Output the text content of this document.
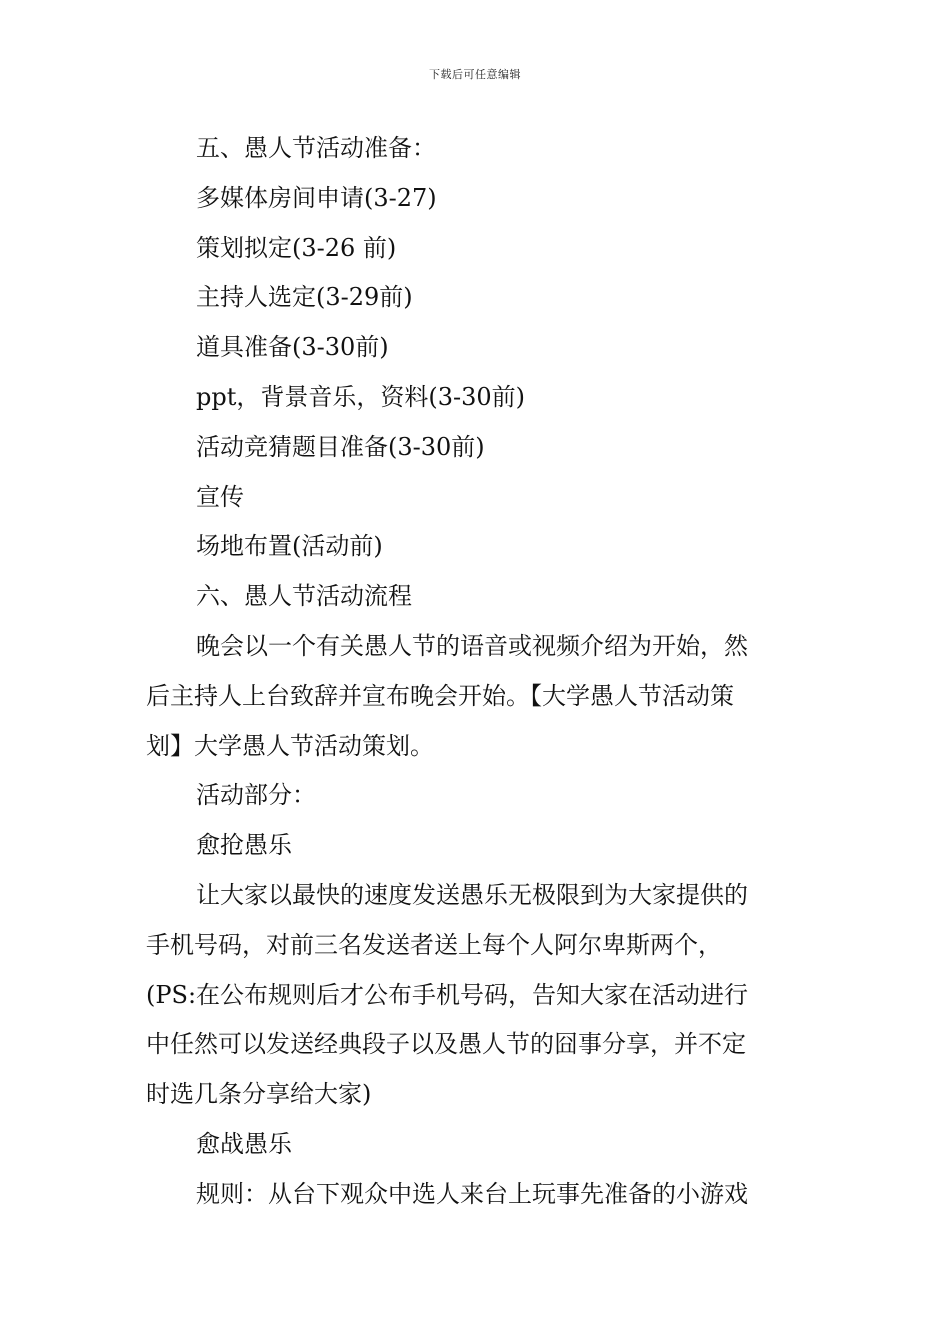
下载后可任意编辑

五、愚人节活动准备：

多媒体房间申请(3-27)

策划拟定(3-26 前)

主持人选定(3-29前)

道具准备(3-30前)

ppt，背景音乐，资料(3-30前)

活动竞猜题目准备(3-30前)

宣传

场地布置(活动前)

六、愚人节活动流程

晚会以一个有关愚人节的语音或视频介绍为开始，然

后主持人上台致辞并宣布晚会开始。【大学愚人节活动策

划】大学愚人节活动策划。

活动部分：

愈抢愚乐

让大家以最快的速度发送愚乐无极限到为大家提供的

手机号码，对前三名发送者送上每个人阿尔卑斯两个，

(PS:在公布规则后才公布手机号码，告知大家在活动进行

中任然可以发送经典段子以及愚人节的囧事分享，并不定

时选几条分享给大家)

愈战愚乐

规则：从台下观众中选人来台上玩事先准备的小游戏
